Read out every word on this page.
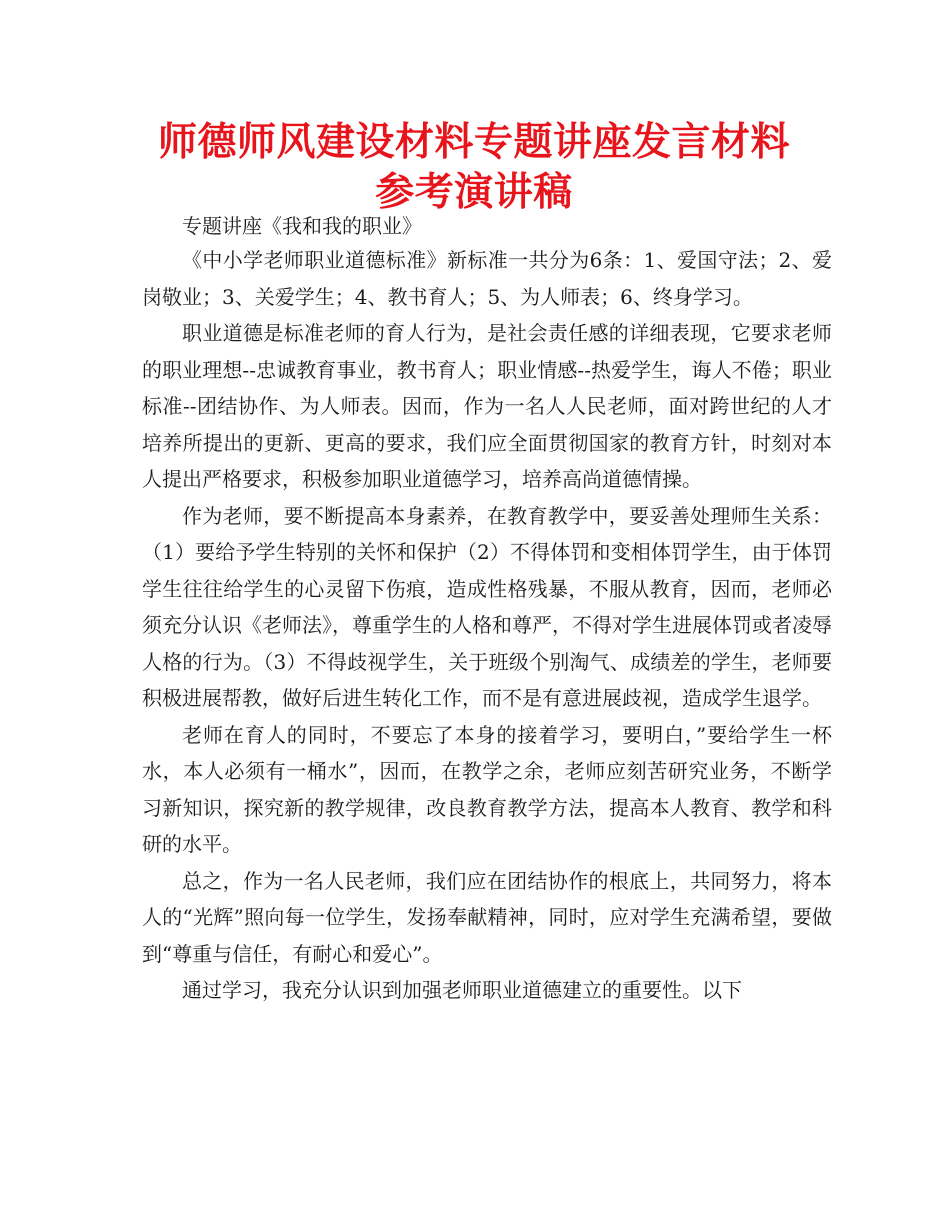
师德师风建设材料专题讲座发言材料参考演讲稿

专题讲座《我和我的职业》

《中小学老师职业道德标准》新标准一共分为6条：1、爱国守法；2、爱岗敬业；3、关爱学生；4、教书育人；5、为人师表；6、终身学习。

职业道德是标准老师的育人行为，是社会责任感的详细表现，它要求老师的职业理想--忠诚教育事业，教书育人；职业情感--热爱学生，诲人不倦；职业标准--团结协作、为人师表。因而，作为一名人人民老师，面对跨世纪的人才培养所提出的更新、更高的要求，我们应全面贯彻国家的教育方针，时刻对本人提出严格要求，积极参加职业道德学习，培养高尚道德情操。

作为老师，要不断提高本身素养，在教育教学中，要妥善处理师生关系：（1）要给予学生特别的关怀和保护（2）不得体罚和变相体罚学生，由于体罚学生往往给学生的心灵留下伤痕，造成性格残暴，不服从教育，因而，老师必须充分认识《老师法》，尊重学生的人格和尊严，不得对学生进展体罚或者凌辱人格的行为。（3）不得歧视学生，关于班级个别淘气、成绩差的学生，老师要积极进展帮教，做好后进生转化工作，而不是有意进展歧视，造成学生退学。

老师在育人的同时，不要忘了本身的接着学习，要明白，”要给学生一杯水，本人必须有一桶水”，因而，在教学之余，老师应刻苦研究业务，不断学习新知识，探究新的教学规律，改良教育教学方法，提高本人教育、教学和科研的水平。

总之，作为一名人民老师，我们应在团结协作的根底上，共同努力，将本人的“光辉”照向每一位学生，发扬奉献精神，同时，应对学生充满希望，要做到“尊重与信任，有耐心和爱心”。

通过学习，我充分认识到加强老师职业道德建立的重要性。以下
